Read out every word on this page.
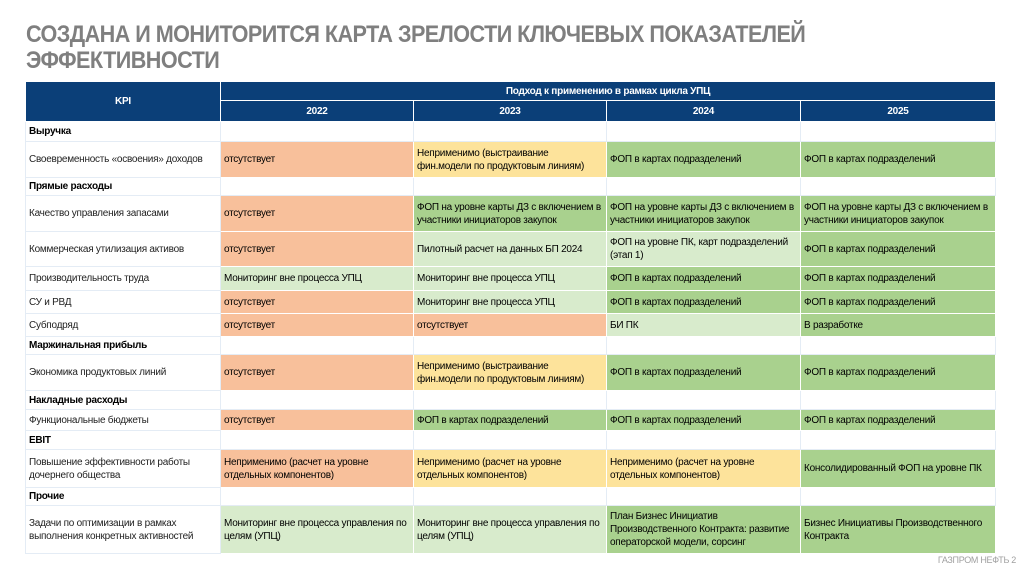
СОЗДАНА И МОНИТОРИТСЯ КАРТА ЗРЕЛОСТИ КЛЮЧЕВЫХ ПОКАЗАТЕЛЕЙ ЭФФЕКТИВНОСТИ
KPI	Подход к применению в рамках цикла УПЦ			
	2022	2023	2024	2025
Выручка				
Своевременность «освоения» доходов	отсутствует	Неприменимо (выстраивание фин.модели по продуктовым линиям)	ФОП в картах подразделений	ФОП в картах подразделений
Прямые расходы				
Качество управления запасами	отсутствует	ФОП на уровне карты ДЗ с включением в участники инициаторов закупок	ФОП на уровне карты ДЗ с включением в участники инициаторов закупок	ФОП на уровне карты ДЗ с включением в участники инициаторов закупок
Коммерческая утилизация активов	отсутствует	Пилотный расчет на данных БП 2024	ФОП на уровне ПК, карт подразделений (этап 1)	ФОП в картах подразделений
Производительность труда	Мониторинг вне процесса УПЦ	Мониторинг вне процесса УПЦ	ФОП в картах подразделений	ФОП в картах подразделений
СУ и РВД	отсутствует	Мониторинг вне процесса УПЦ	ФОП в картах подразделений	ФОП в картах подразделений
Субподряд	отсутствует	отсутствует	БИ ПК	В разработке
Маржинальная прибыль				
Экономика продуктовых линий	отсутствует	Неприменимо (выстраивание фин.модели по продуктовым линиям)	ФОП в картах подразделений	ФОП в картах подразделений
Накладные расходы				
Функциональные бюджеты	отсутствует	ФОП в картах подразделений	ФОП в картах подразделений	ФОП в картах подразделений
EBIT				
Повышение эффективности работы дочернего общества	Неприменимо (расчет на уровне отдельных компонентов)	Неприменимо (расчет на уровне отдельных компонентов)	Неприменимо (расчет на уровне отдельных компонентов)	Консолидированный ФОП на уровне ПК
Прочие				
Задачи по оптимизации в рамках выполнения конкретных активностей	Мониторинг вне процесса управления по целям (УПЦ)	Мониторинг вне процесса управления по целям (УПЦ)	План Бизнес Инициатив Производственного Контракта: развитие операторской модели, сорсинг	Бизнес Инициативы Производственного Контракта
ГАЗПРОМ НЕФТЬ 2
